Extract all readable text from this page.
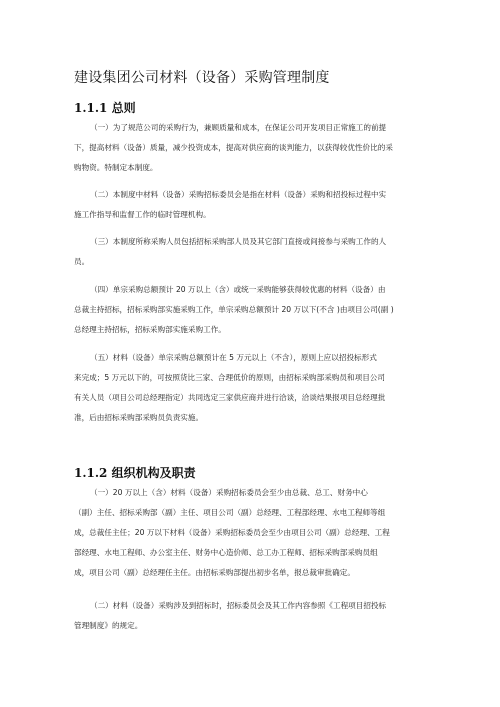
建设集团公司材料（设备）采购管理制度
1.1.1 总则

（一）为了规范公司的采购行为，兼顾质量和成本，在保证公司开发项目正常施工的前提
下，提高材料（设备）质量，减少投资成本，提高对供应商的谈判能力，以获得较优性价比的采
购物资。特制定本制度。

（二）本制度中材料（设备）采购招标委员会是指在材料（设备）采购和招投标过程中实
施工作指导和监督工作的临时管理机构。

（三）本制度所称采购人员包括招标采购部人员及其它部门直接或间接参与采购工作的人
员。

（四）单宗采购总额预计 20 万以上（含）或统一采购能够获得较优惠的材料（设备）由
总裁主持招标，招标采购部实施采购工作，单宗采购总额预计 20 万以下(不含 )由项目公司(副 )
总经理主持招标，招标采购部实施采购工作。

（五）材料（设备）单宗采购总额预计在 5 万元以上（不含），原则上应以招投标形式
来完成；5 万元以下的，可按照货比三家、合理低价的原则，由招标采购部采购员和项目公司
有关人员（项目公司总经理指定）共同选定三家供应商并进行洽谈，洽谈结果报项目总经理批
准，后由招标采购部采购员负责实施。

1.1.2 组织机构及职责

（一）20 万以上（含）材料（设备）采购招标委员会至少由总裁、总工、财务中心
（副）主任、招标采购部（副）主任、项目公司（副）总经理、工程部经理、水电工程师等组
成，总裁任主任；20 万以下材料（设备）采购招标委员会至少由项目公司（副）总经理、工程
部经理、水电工程师、办公室主任、财务中心造价师、总工办工程师、招标采购部采购员组
成，项目公司（副）总经理任主任。由招标采购部提出初步名单，报总裁审批确定。

（二）材料（设备）采购涉及到招标时，招标委员会及其工作内容参照《工程项目招投标
管理制度》的规定。
